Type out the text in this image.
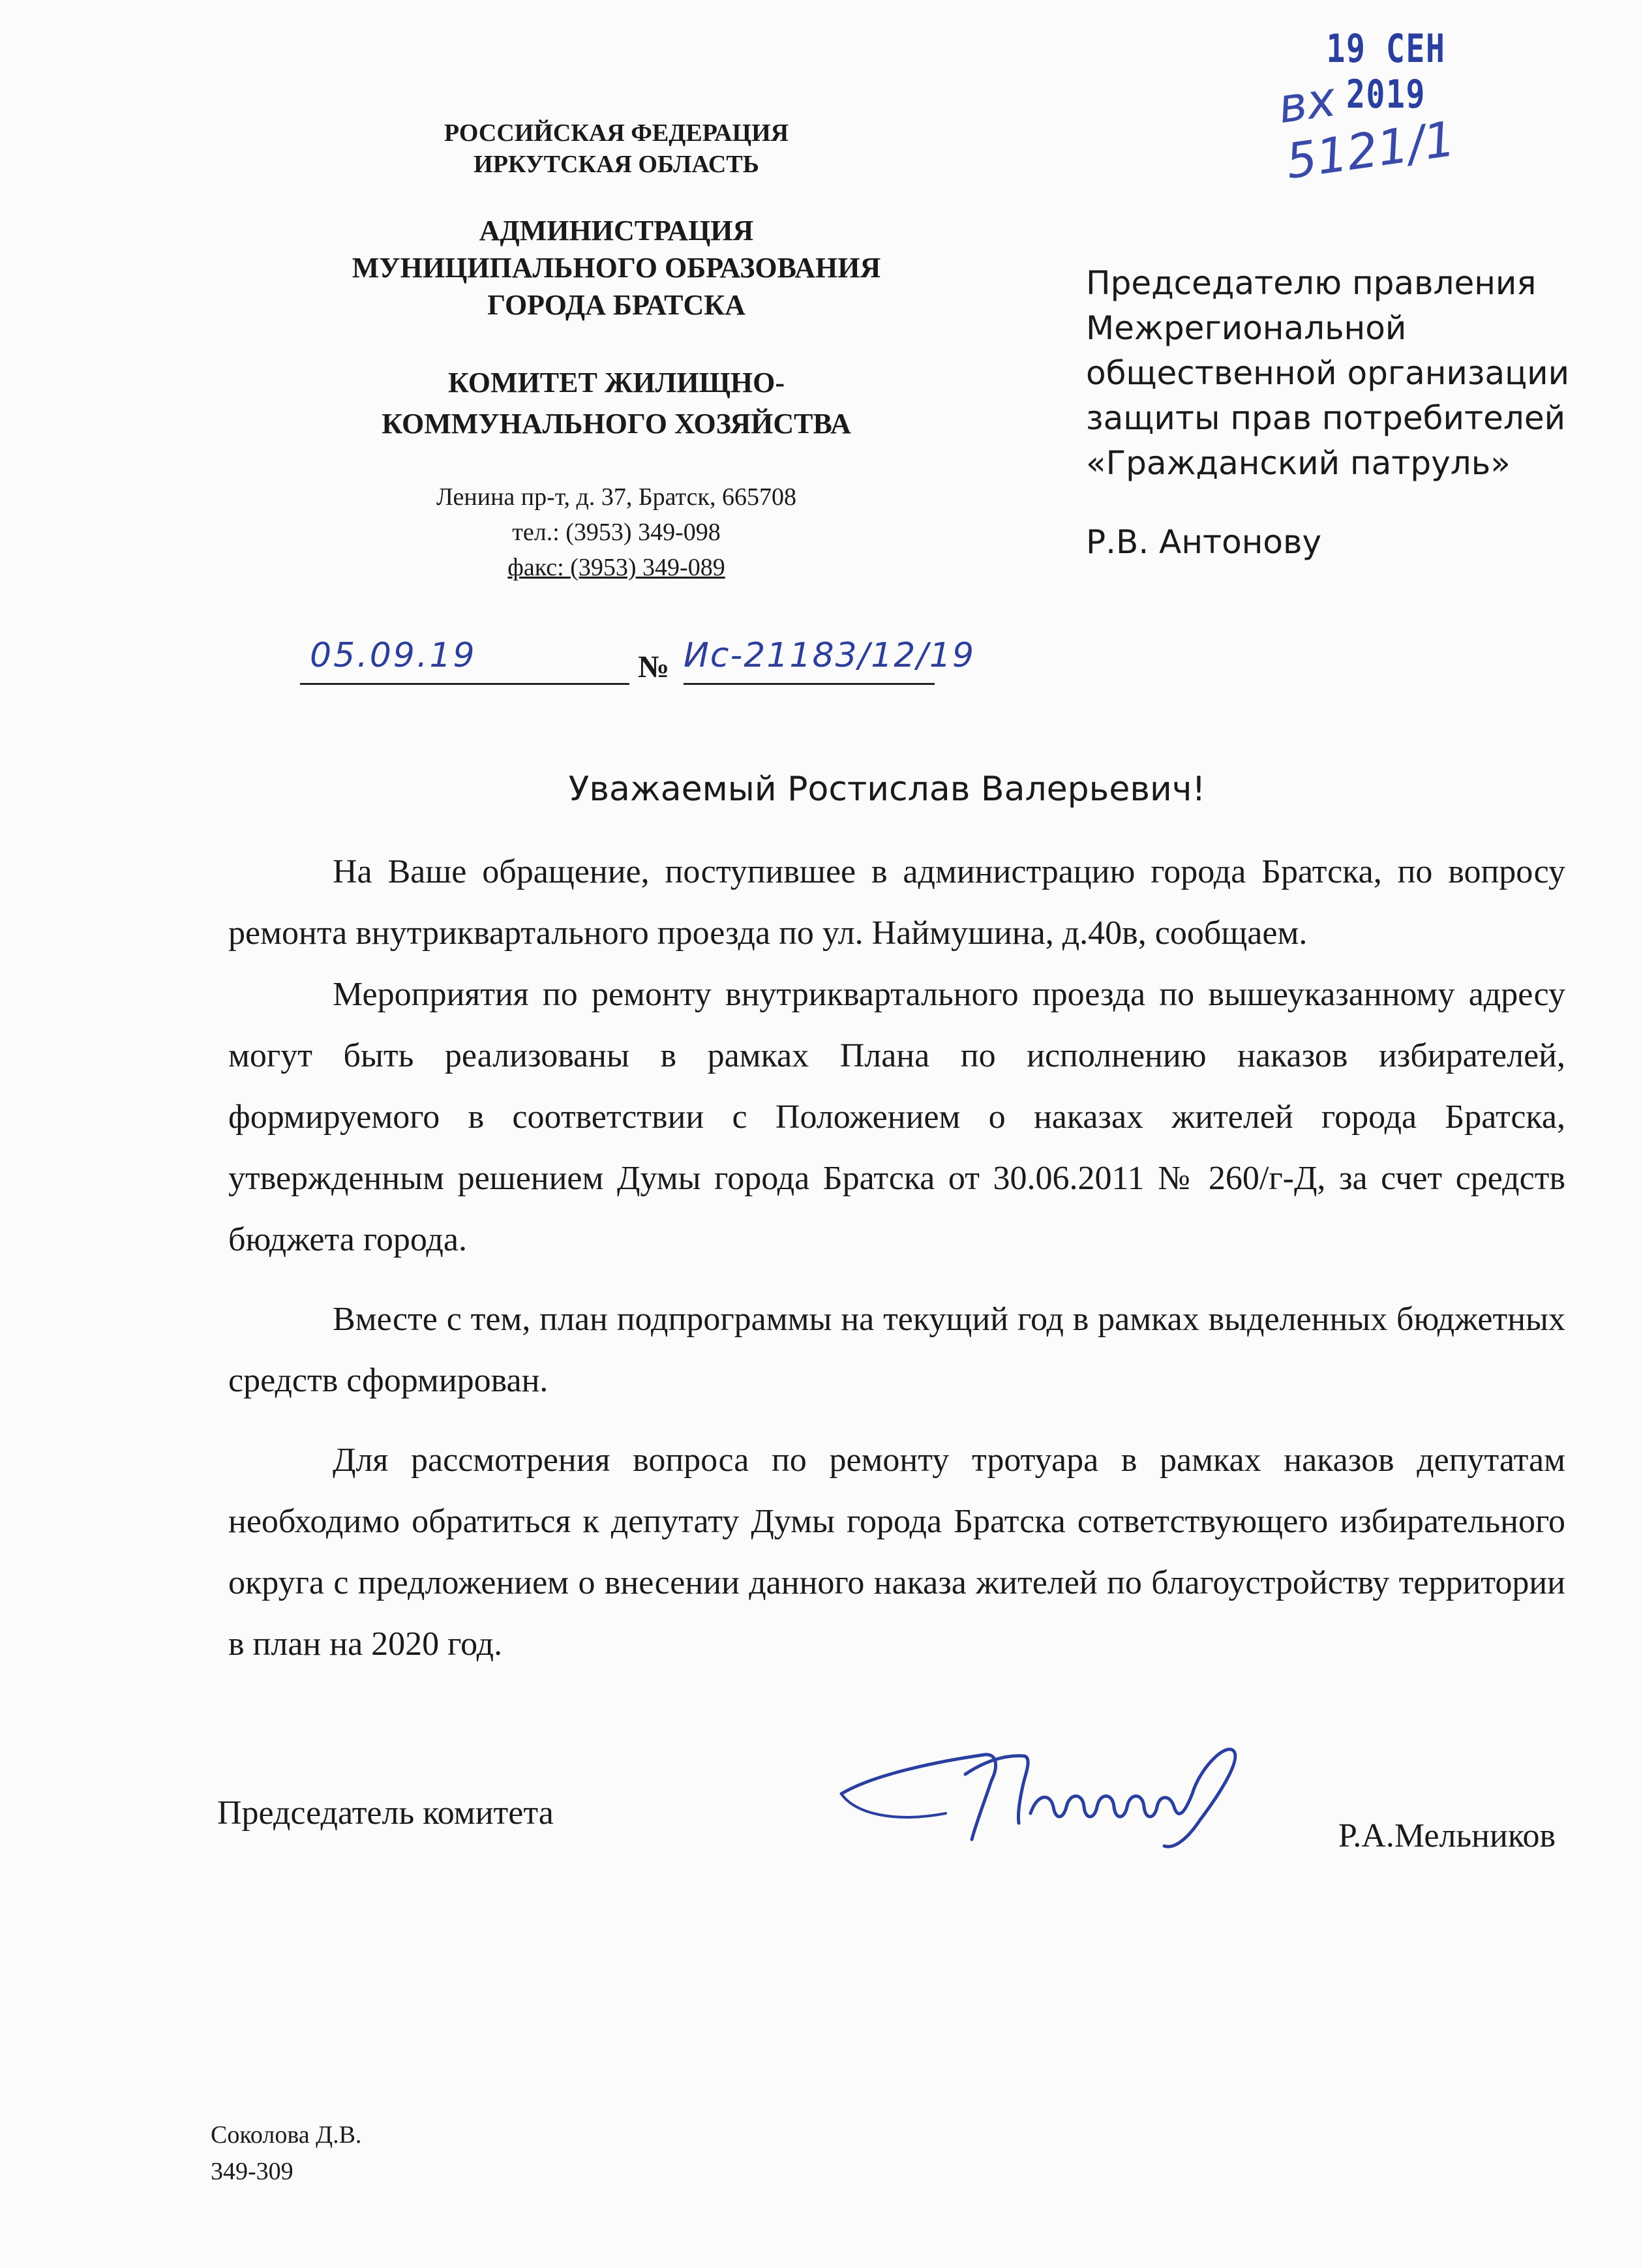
19 СЕН 2019
вх 5121/1
РОССИЙСКАЯ ФЕДЕРАЦИЯ
ИРКУТСКАЯ ОБЛАСТЬ
АДМИНИСТРАЦИЯ
МУНИЦИПАЛЬНОГО ОБРАЗОВАНИЯ
ГОРОДА БРАТСКА
КОМИТЕТ ЖИЛИЩНО-
КОММУНАЛЬНОГО ХОЗЯЙСТВА
Ленина пр-т, д. 37, Братск, 665708
тел.: (3953) 349-098
факс: (3953) 349-089
Председателю правления
Межрегиональной
общественной организации
защиты прав потребителей
«Гражданский патруль»
Р.В. Антонову
05.09.19	№ Ис-21183/12/19
Уважаемый Ростислав Валерьевич!

На Ваше обращение, поступившее в администрацию города Братска, по вопросу ремонта внутриквартального проезда по ул. Наймушина, д.40в, сообщаем.

Мероприятия по ремонту внутриквартального проезда по вышеуказанному адресу могут быть реализованы в рамках Плана по исполнению наказов избирателей, формируемого в соответствии с Положением о наказах жителей города Братска, утвержденным решением Думы города Братска от 30.06.2011 № 260/г-Д, за счет средств бюджета города.

Вместе с тем, план подпрограммы на текущий год в рамках выделенных бюджетных средств сформирован.

Для рассмотрения вопроса по ремонту тротуара в рамках наказов депутатам необходимо обратиться к депутату Думы города Братска сответствующего избирательного округа с предложением о внесении данного наказа жителей по благоустройству территории в план на 2020 год.

Председатель комитета
Р.А.Мельников
Соколова Д.В.
349-309
